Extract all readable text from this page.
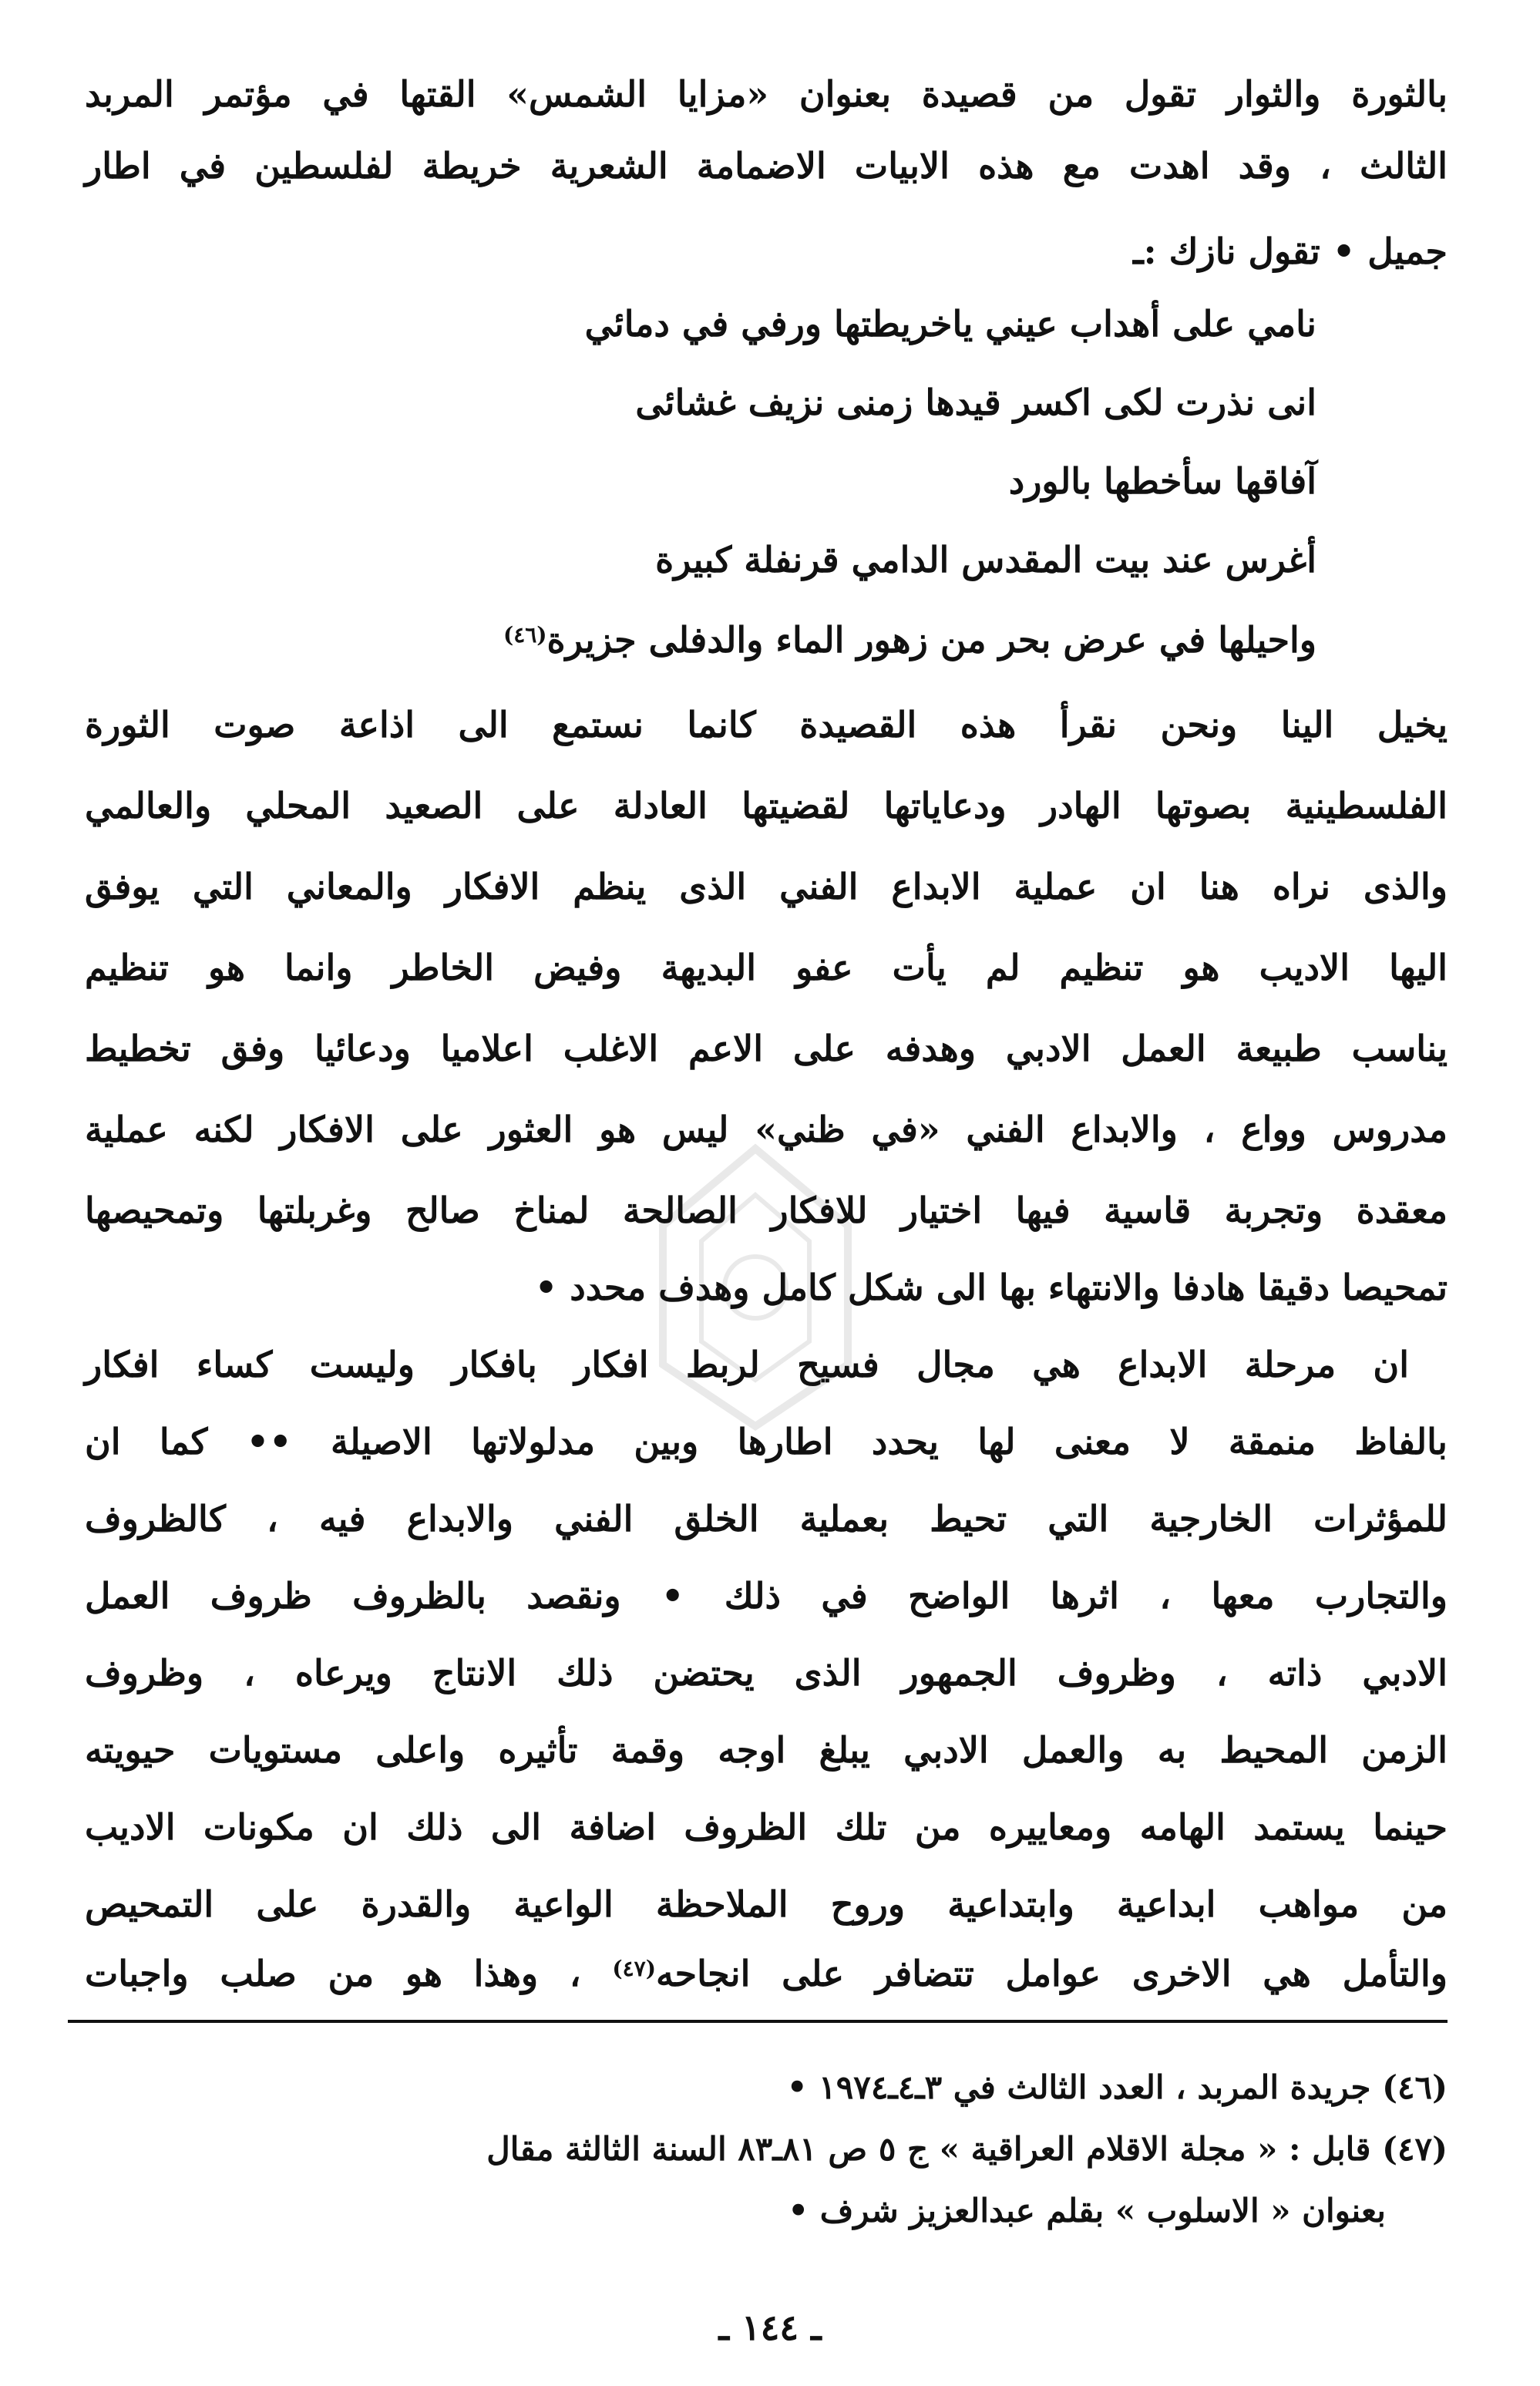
بالثورة والثوار تقول من قصيدة بعنوان «مزايا الشمس» القتها في مؤتمر المربد
الثالث ، وقد اهدت مع هذه الابيات الاضمامة الشعرية خريطة لفلسطين في اطار
جميل • تقول نازك :ـ
نامي على أهداب عيني ياخريطتها ورفي في دمائي
انى نذرت لكى اكسر قيدها زمنى نزيف غشائى
آفاقها سأخطها بالورد
أغرس عند بيت المقدس الدامي قرنفلة كبيرة
واحيلها في عرض بحر من زهور الماء والدفلى جزيرة$^{(٤٦)}$
يخيل الينا ونحن نقرأ هذه القصيدة كانما نستمع الى اذاعة صوت الثورة
الفلسطينية بصوتها الهادر ودعاياتها لقضيتها العادلة على الصعيد المحلي والعالمي
والذى نراه هنا ان عملية الابداع الفني الذى ينظم الافكار والمعاني التي يوفق
اليها الاديب هو تنظيم لم يأت عفو البديهة وفيض الخاطر وانما هو تنظيم
يناسب طبيعة العمل الادبي وهدفه على الاعم الاغلب اعلاميا ودعائيا وفق تخطيط
مدروس وواع ، والابداع الفني «في ظني» ليس هو العثور على الافكار لكنه عملية
معقدة وتجربة قاسية فيها اختيار للافكار الصالحة لمناخ صالح وغربلتها وتمحيصها
تمحيصا دقيقا هادفا والانتهاء بها الى شكل كامل وهدف محدد •
ان مرحلة الابداع هي مجال فسيح لربط افكار بافكار وليست كساء افكار
بالفاظ منمقة لا معنى لها يحدد اطارها وبين مدلولاتها الاصيلة •• كما ان
للمؤثرات الخارجية التي تحيط بعملية الخلق الفني والابداع فيه ، كالظروف
والتجارب معها ، اثرها الواضح في ذلك • ونقصد بالظروف ظروف العمل
الادبي ذاته ، وظروف الجمهور الذى يحتضن ذلك الانتاج ويرعاه ، وظروف
الزمن المحيط به والعمل الادبي يبلغ اوجه وقمة تأثيره واعلى مستويات حيويته
حينما يستمد الهامه ومعاييره من تلك الظروف اضافة الى ذلك ان مكونات الاديب
من مواهب ابداعية وابتداعية وروح الملاحظة الواعية والقدرة على التمحيص
والتأمل هي الاخرى عوامل تتضافر على انجاحه$^{(٤٧)}$ ، وهذا هو من صلب واجبات
(٤٦) جريدة المربد ، العدد الثالث في ٣ـ٤ـ١٩٧٤ •
(٤٧) قابل : « مجلة الاقلام العراقية » ج ٥ ص ٨١ـ٨٣ السنة الثالثة مقال
بعنوان « الاسلوب » بقلم عبدالعزيز شرف •
ـ ١٤٤ ـ
